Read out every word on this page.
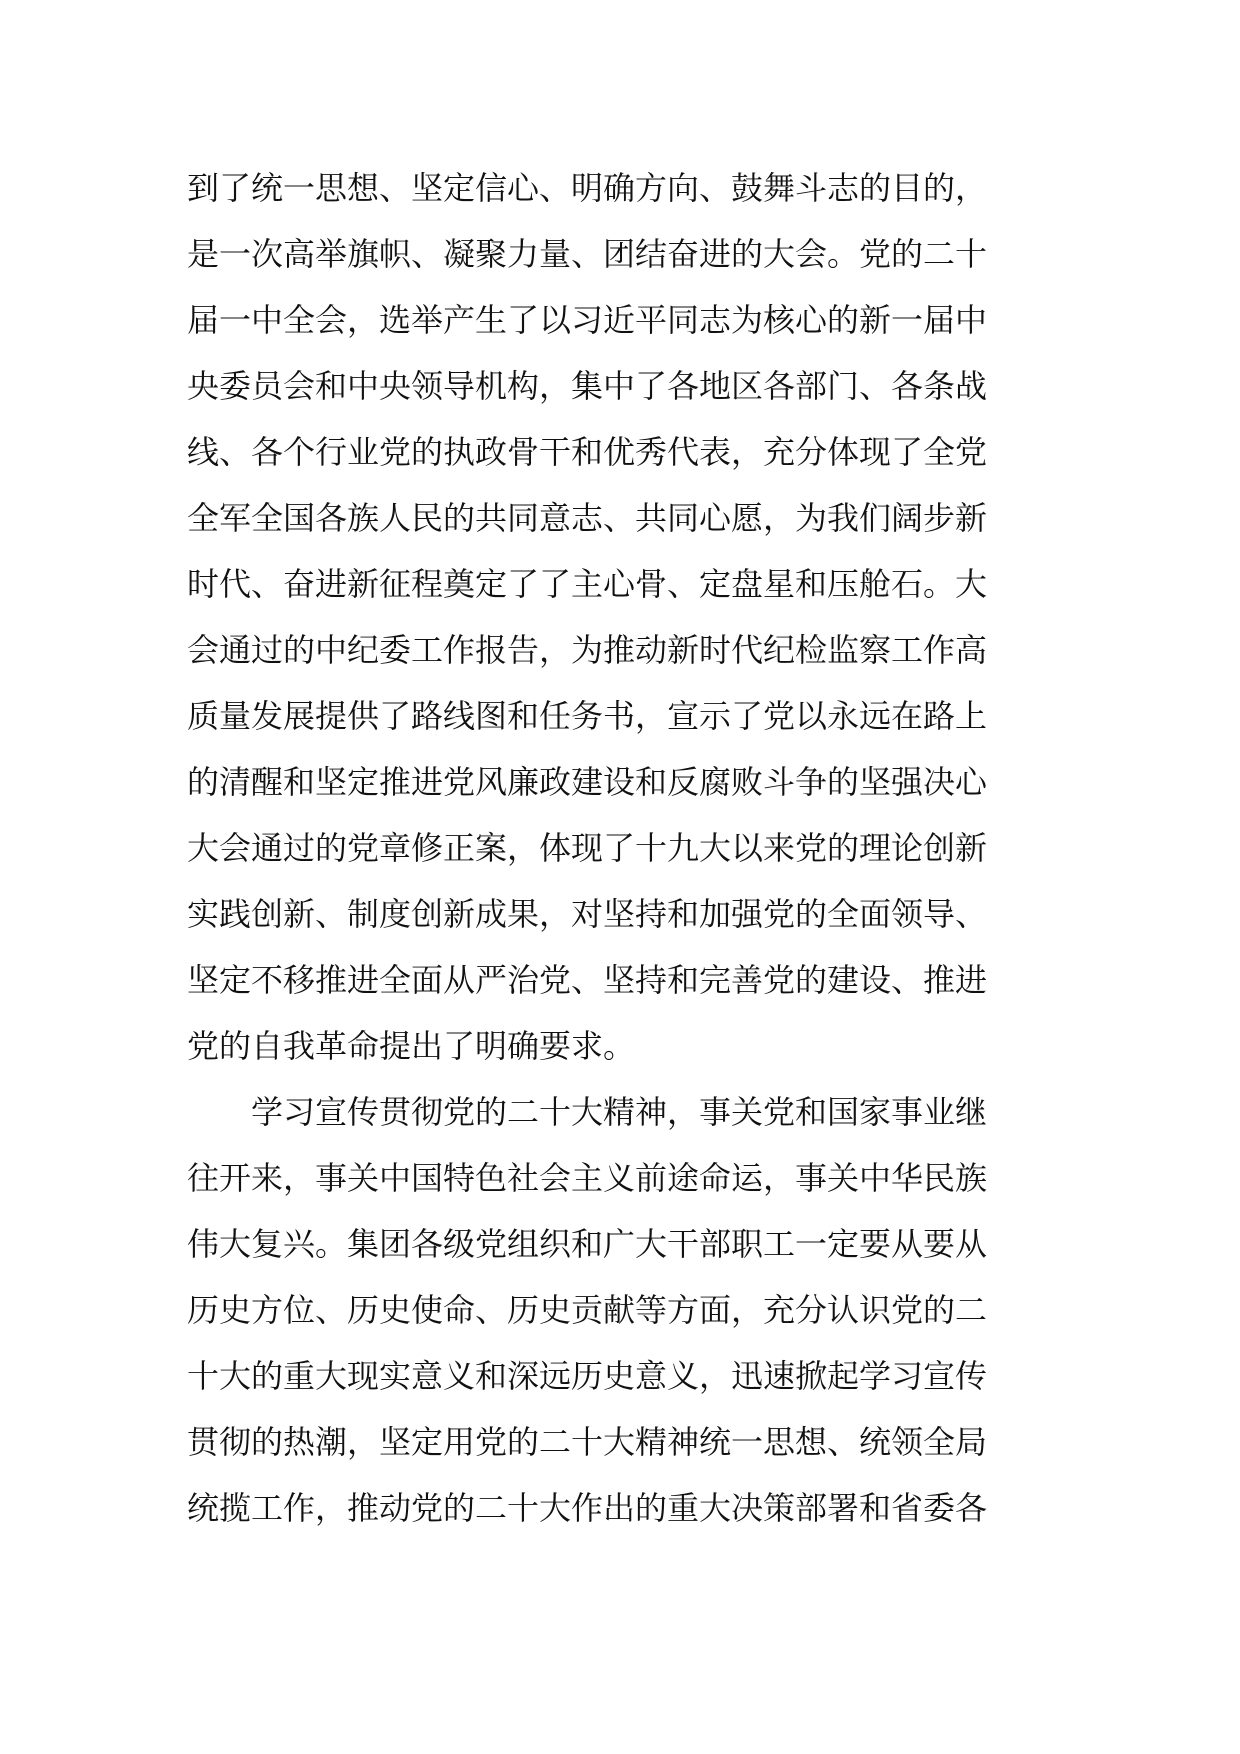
到了统一思想、坚定信心、明确方向、鼓舞斗志的目的，
是一次高举旗帜、凝聚力量、团结奋进的大会。党的二十
届一中全会，选举产生了以习近平同志为核心的新一届中
央委员会和中央领导机构，集中了各地区各部门、各条战
线、各个行业党的执政骨干和优秀代表，充分体现了全党
全军全国各族人民的共同意志、共同心愿，为我们阔步新
时代、奋进新征程奠定了了主心骨、定盘星和压舱石。大
会通过的中纪委工作报告，为推动新时代纪检监察工作高
质量发展提供了路线图和任务书，宣示了党以永远在路上
的清醒和坚定推进党风廉政建设和反腐败斗争的坚强决心
大会通过的党章修正案，体现了十九大以来党的理论创新
实践创新、制度创新成果，对坚持和加强党的全面领导、
坚定不移推进全面从严治党、坚持和完善党的建设、推进
党的自我革命提出了明确要求。
　　学习宣传贯彻党的二十大精神，事关党和国家事业继
往开来，事关中国特色社会主义前途命运，事关中华民族
伟大复兴。集团各级党组织和广大干部职工一定要从要从
历史方位、历史使命、历史贡献等方面，充分认识党的二
十大的重大现实意义和深远历史意义，迅速掀起学习宣传
贯彻的热潮，坚定用党的二十大精神统一思想、统领全局
统揽工作，推动党的二十大作出的重大决策部署和省委各
